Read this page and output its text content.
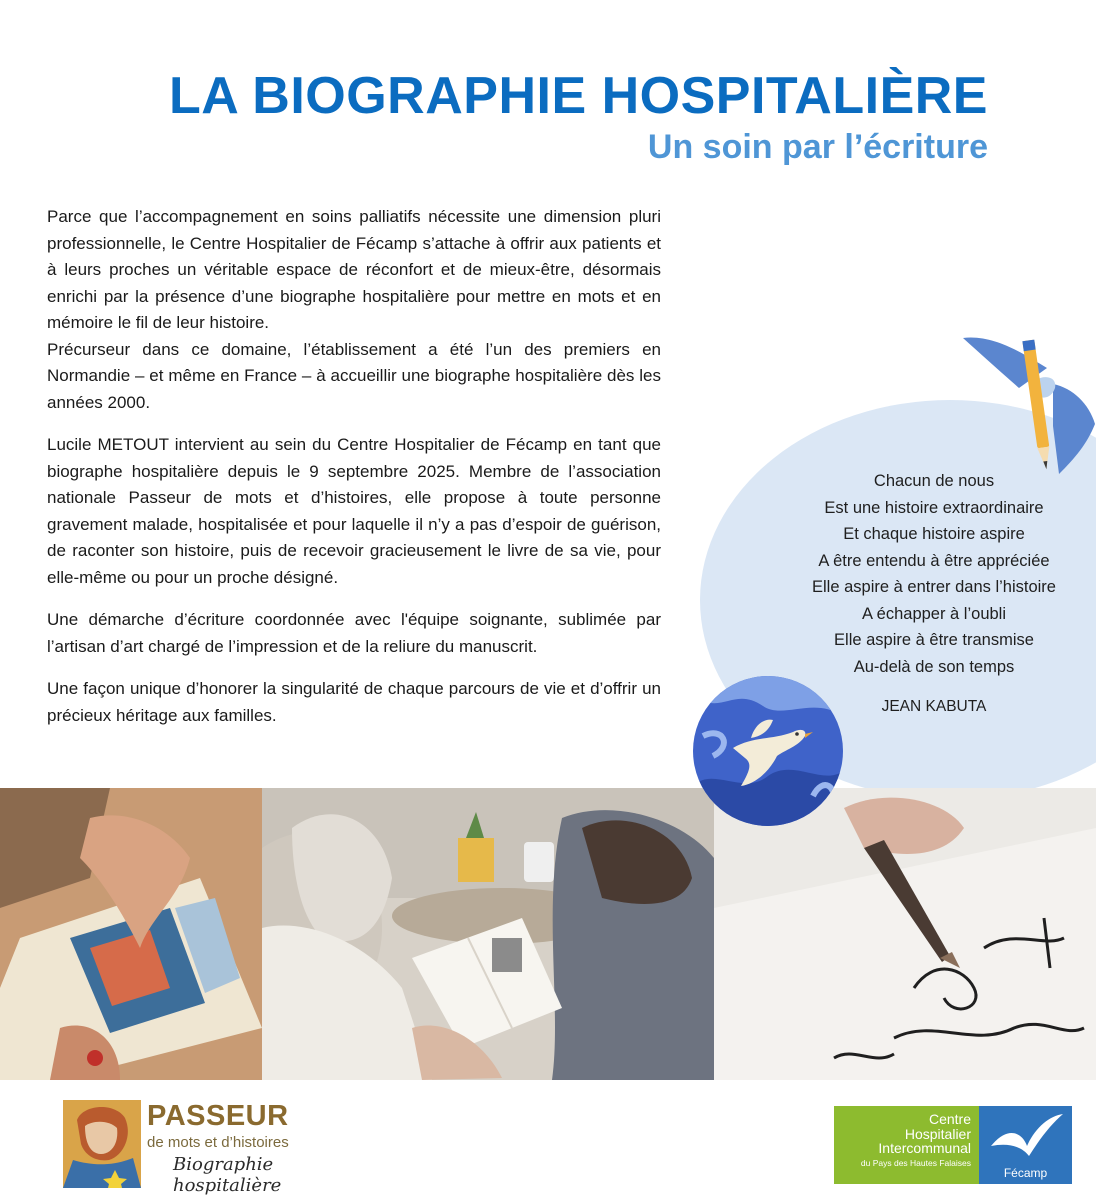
LA BIOGRAPHIE HOSPITALIÈRE
Un soin par l’écriture

Parce que l’accompagnement en soins palliatifs nécessite une dimension pluri professionnelle, le Centre Hospitalier de Fécamp s’attache à offrir aux patients et à leurs proches un véritable espace de réconfort et de mieux-être, désormais enrichi par la présence d’une biographe hospitalière pour mettre en mots et en mémoire le fil de leur histoire.

Précurseur dans ce domaine, l’établissement a été l’un des premiers en Normandie – et même en France – à accueillir une biographe hospitalière dès les années 2000.

Lucile METOUT intervient au sein du Centre Hospitalier de Fécamp en tant que biographe hospitalière depuis le 9 septembre 2025. Membre de l’association nationale Passeur de mots et d’histoires, elle propose à toute personne gravement malade, hospitalisée et pour laquelle il n’y a pas d’espoir de guérison, de raconter son histoire, puis de recevoir gracieusement le livre de sa vie, pour elle-même ou pour un proche désigné.

Une démarche d’écriture coordonnée avec l'équipe soignante, sublimée par l’artisan d’art chargé de l’impression et de la reliure du manuscrit.

Une façon unique d’honorer la singularité de chaque parcours de vie et d’offrir un précieux héritage aux familles.

Chacun de nous
Est une histoire extraordinaire
Et chaque histoire aspire
A être entendu à être appréciée
Elle aspire à entrer dans l’histoire
A échapper à l’oubli
Elle aspire à être transmise
Au-delà de son temps
JEAN KABUTA
PASSEUR
de mots et d’histoires
Biographie hospitalière
Centre
Hospitalier
Intercommunal
du Pays des Hautes Falaises
Fécamp
